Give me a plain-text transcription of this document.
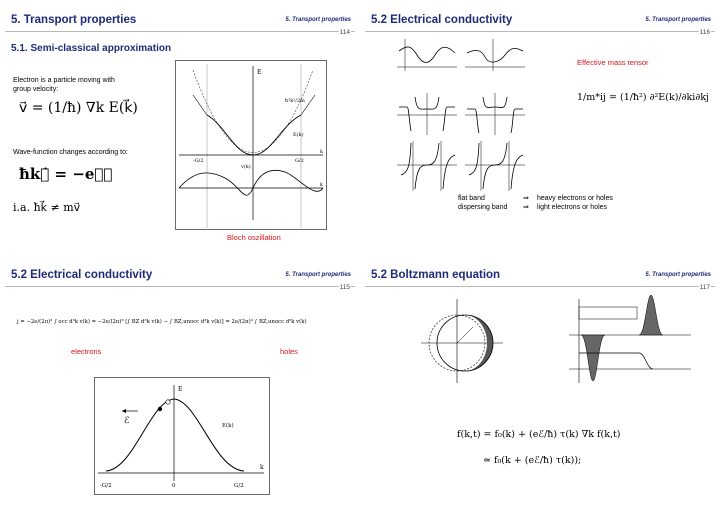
5. Transport properties	5. Transport properties
114
5.1. Semi-classical approximation
Electron is a particle moving with
group velocity:
v⃗ = (1/ħ) ∇k E(k⃗)
Wave-function changes according to:
ħk⃗̇ = −eℰ⃗
i.a. ħk⃗ ≠ mv⃗
E
ħ²k²/2m
E(k)
v(k)
k
k
-G/2	G/2
Bloch oszillation
5.2 Electrical conductivity	5. Transport properties
116
Effective mass tensor
1/m*ij = (1/ħ²) ∂²E(k)/∂ki∂kj
flat band	⇒ heavy electrons or holes
dispersing band ⇒ light electrons or holes
5.2 Electrical conductivity	5. Transport properties
115
j = −2e/(2π)³ ∫ occ d³k v(k) = −2e/(2π)³ [∫ BZ d³k v(k) − ∫ BZ,unocc d³k v(k)] = 2e/(2π)³ ∫ BZ,unocc d³k v(k)
electrons	holes
E
ℰ	E(k)
k
-G/2	0	G/2
5.2 Boltzmann equation	5. Transport properties
117
f(k,t) = f₀(k) + (eℰ/ħ) τ(k) ∇k f(k,t)
≃ f₀(k + (eℰ/ħ) τ(k));
